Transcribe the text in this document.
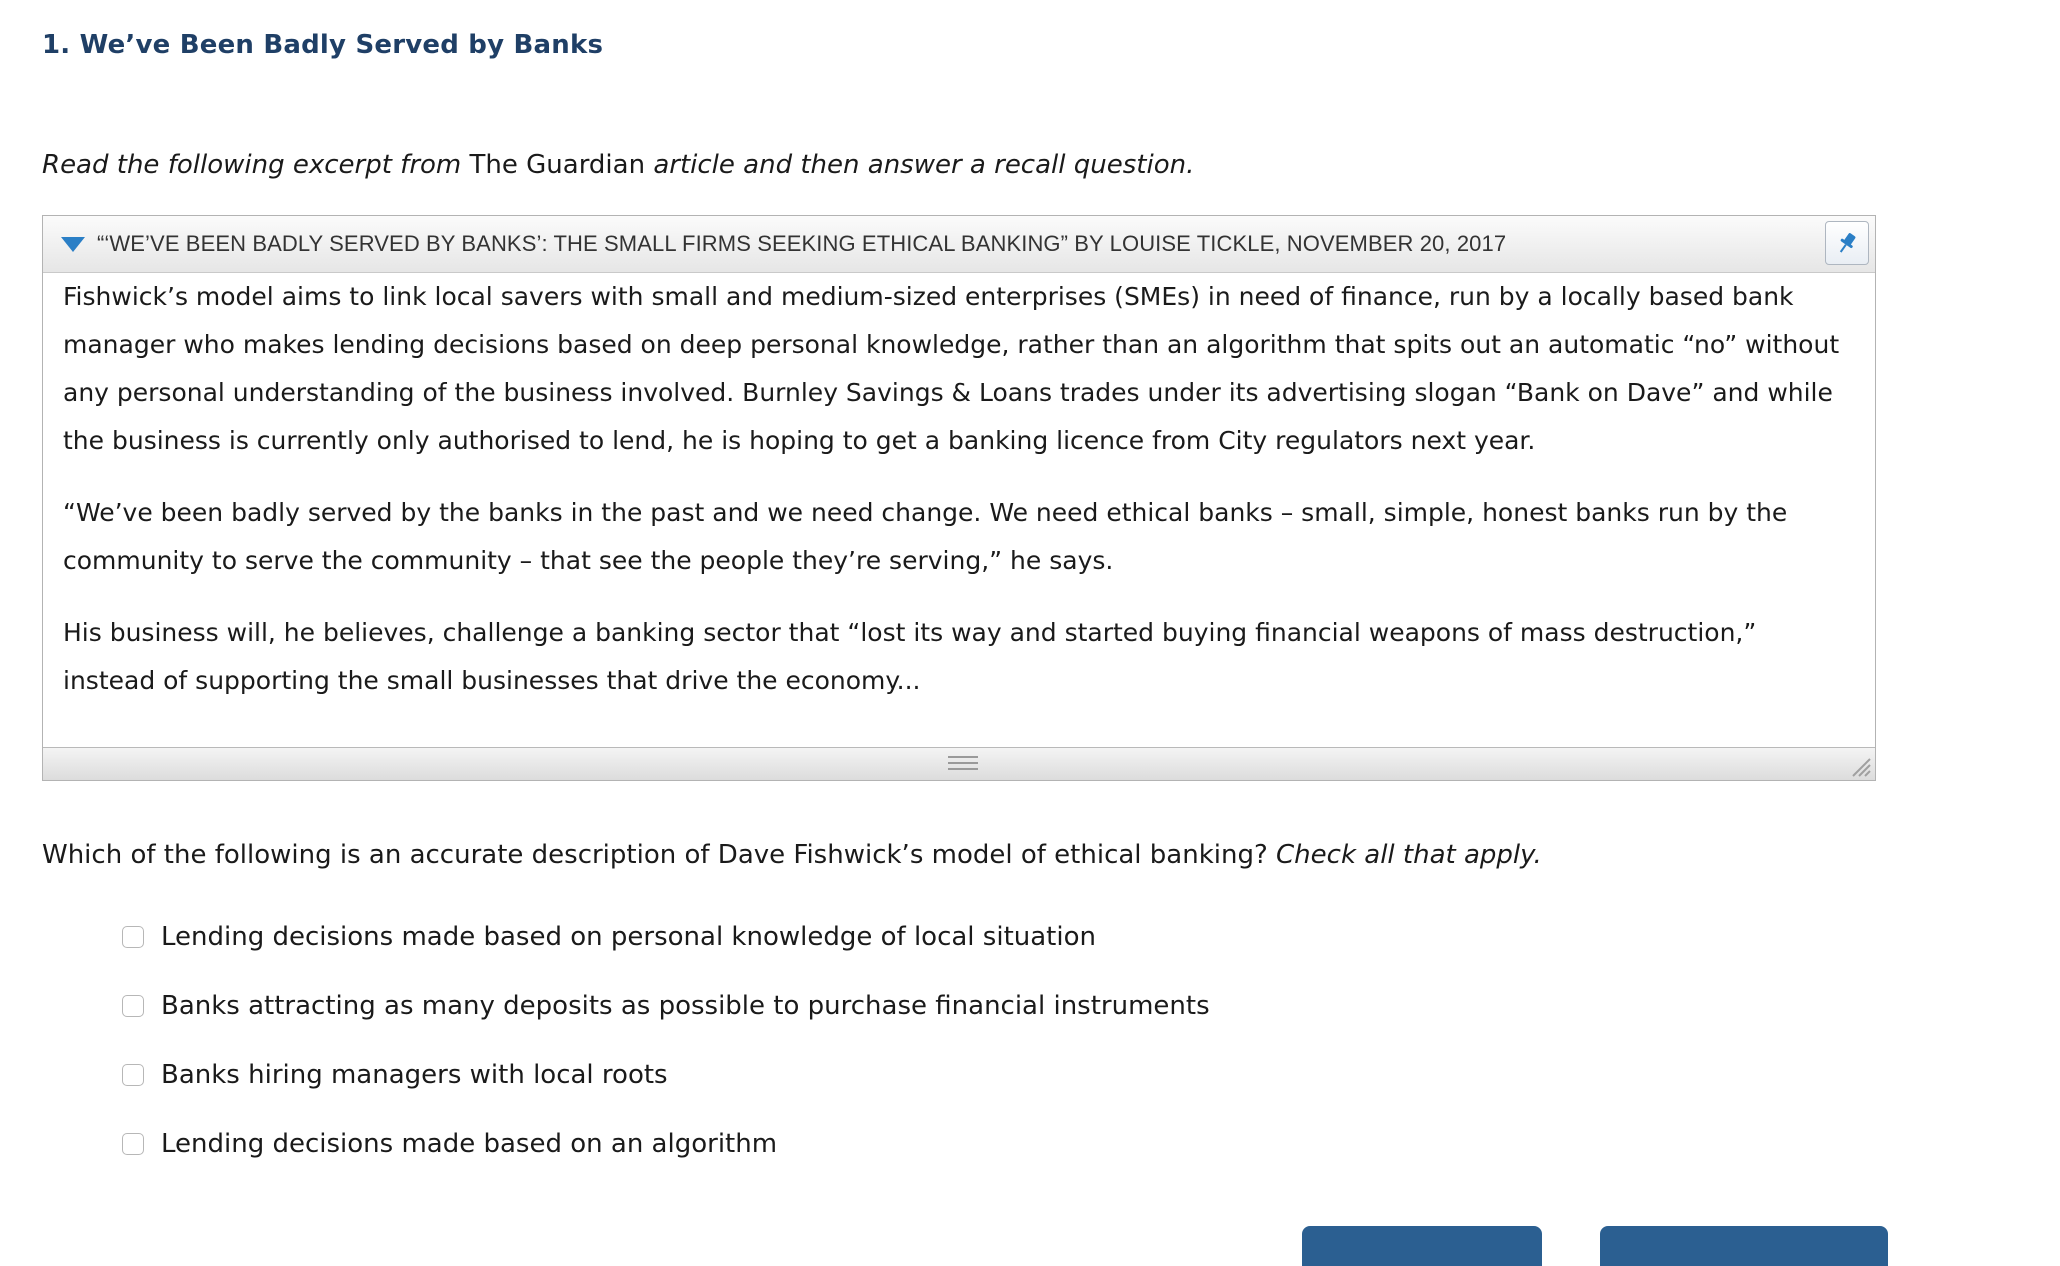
1. We’ve Been Badly Served by Banks

Read the following excerpt from The Guardian article and then answer a recall question.

“‘WE’VE BEEN BADLY SERVED BY BANKS’: THE SMALL FIRMS SEEKING ETHICAL BANKING” BY LOUISE TICKLE, NOVEMBER 20, 2017

Fishwick’s model aims to link local savers with small and medium-sized enterprises (SMEs) in need of finance, run by a locally based bank manager who makes lending decisions based on deep personal knowledge, rather than an algorithm that spits out an automatic “no” without any personal understanding of the business involved. Burnley Savings & Loans trades under its advertising slogan “Bank on Dave” and while the business is currently only authorised to lend, he is hoping to get a banking licence from City regulators next year.

“We’ve been badly served by the banks in the past and we need change. We need ethical banks – small, simple, honest banks run by the community to serve the community – that see the people they’re serving,” he says.

His business will, he believes, challenge a banking sector that “lost its way and started buying financial weapons of mass destruction,” instead of supporting the small businesses that drive the economy...

Which of the following is an accurate description of Dave Fishwick’s model of ethical banking? Check all that apply.

Lending decisions made based on personal knowledge of local situation
Banks attracting as many deposits as possible to purchase financial instruments
Banks hiring managers with local roots
Lending decisions made based on an algorithm
